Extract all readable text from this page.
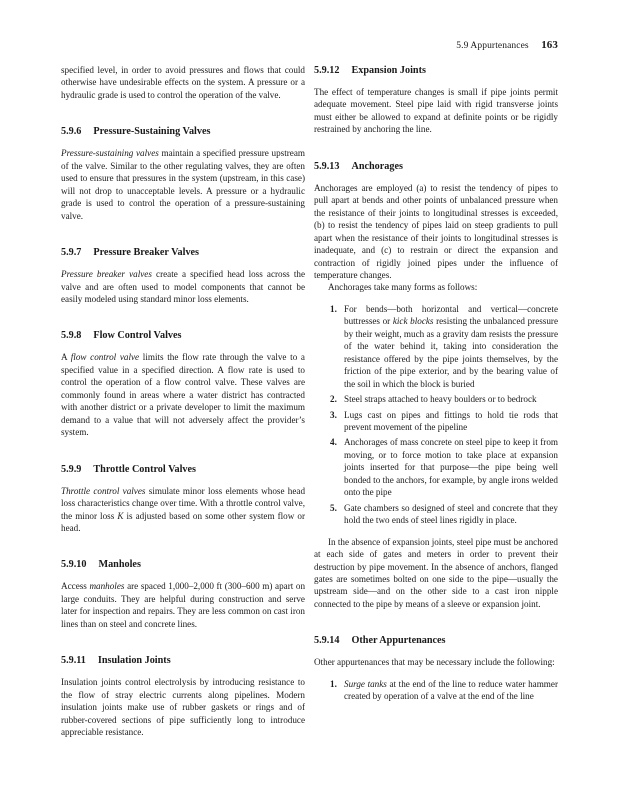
5.9 Appurtenances 163

specified level, in order to avoid pressures and flows that could otherwise have undesirable effects on the system. A pressure or a hydraulic grade is used to control the operation of the valve.

5.9.6 Pressure-Sustaining Valves

Pressure-sustaining valves maintain a specified pressure upstream of the valve. Similar to the other regulating valves, they are often used to ensure that pressures in the system (upstream, in this case) will not drop to unacceptable levels. A pressure or a hydraulic grade is used to control the operation of a pressure-sustaining valve.

5.9.7 Pressure Breaker Valves

Pressure breaker valves create a specified head loss across the valve and are often used to model components that cannot be easily modeled using standard minor loss elements.

5.9.8 Flow Control Valves

A flow control valve limits the flow rate through the valve to a specified value in a specified direction. A flow rate is used to control the operation of a flow control valve. These valves are commonly found in areas where a water district has contracted with another district or a private developer to limit the maximum demand to a value that will not adversely affect the provider’s system.

5.9.9 Throttle Control Valves

Throttle control valves simulate minor loss elements whose head loss characteristics change over time. With a throttle control valve, the minor loss K is adjusted based on some other system flow or head.

5.9.10 Manholes

Access manholes are spaced 1,000–2,000 ft (300–600 m) apart on large conduits. They are helpful during construction and serve later for inspection and repairs. They are less common on cast iron lines than on steel and concrete lines.

5.9.11 Insulation Joints

Insulation joints control electrolysis by introducing resistance to the flow of stray electric currents along pipelines. Modern insulation joints make use of rubber gaskets or rings and of rubber-covered sections of pipe sufficiently long to introduce appreciable resistance.

5.9.12 Expansion Joints

The effect of temperature changes is small if pipe joints permit adequate movement. Steel pipe laid with rigid transverse joints must either be allowed to expand at definite points or be rigidly restrained by anchoring the line.

5.9.13 Anchorages

Anchorages are employed (a) to resist the tendency of pipes to pull apart at bends and other points of unbalanced pressure when the resistance of their joints to longitudinal stresses is exceeded, (b) to resist the tendency of pipes laid on steep gradients to pull apart when the resistance of their joints to longitudinal stresses is inadequate, and (c) to restrain or direct the expansion and contraction of rigidly joined pipes under the influence of temperature changes.

Anchorages take many forms as follows:

1. For bends—both horizontal and vertical—concrete buttresses or kick blocks resisting the unbalanced pressure by their weight, much as a gravity dam resists the pressure of the water behind it, taking into consideration the resistance offered by the pipe joints themselves, by the friction of the pipe exterior, and by the bearing value of the soil in which the block is buried
2. Steel straps attached to heavy boulders or to bedrock
3. Lugs cast on pipes and fittings to hold tie rods that prevent movement of the pipeline
4. Anchorages of mass concrete on steel pipe to keep it from moving, or to force motion to take place at expansion joints inserted for that purpose—the pipe being well bonded to the anchors, for example, by angle irons welded onto the pipe
5. Gate chambers so designed of steel and concrete that they hold the two ends of steel lines rigidly in place.

In the absence of expansion joints, steel pipe must be anchored at each side of gates and meters in order to prevent their destruction by pipe movement. In the absence of anchors, flanged gates are sometimes bolted on one side to the pipe—usually the upstream side—and on the other side to a cast iron nipple connected to the pipe by means of a sleeve or expansion joint.

5.9.14 Other Appurtenances

Other appurtenances that may be necessary include the following:

1. Surge tanks at the end of the line to reduce water hammer created by operation of a valve at the end of the line
